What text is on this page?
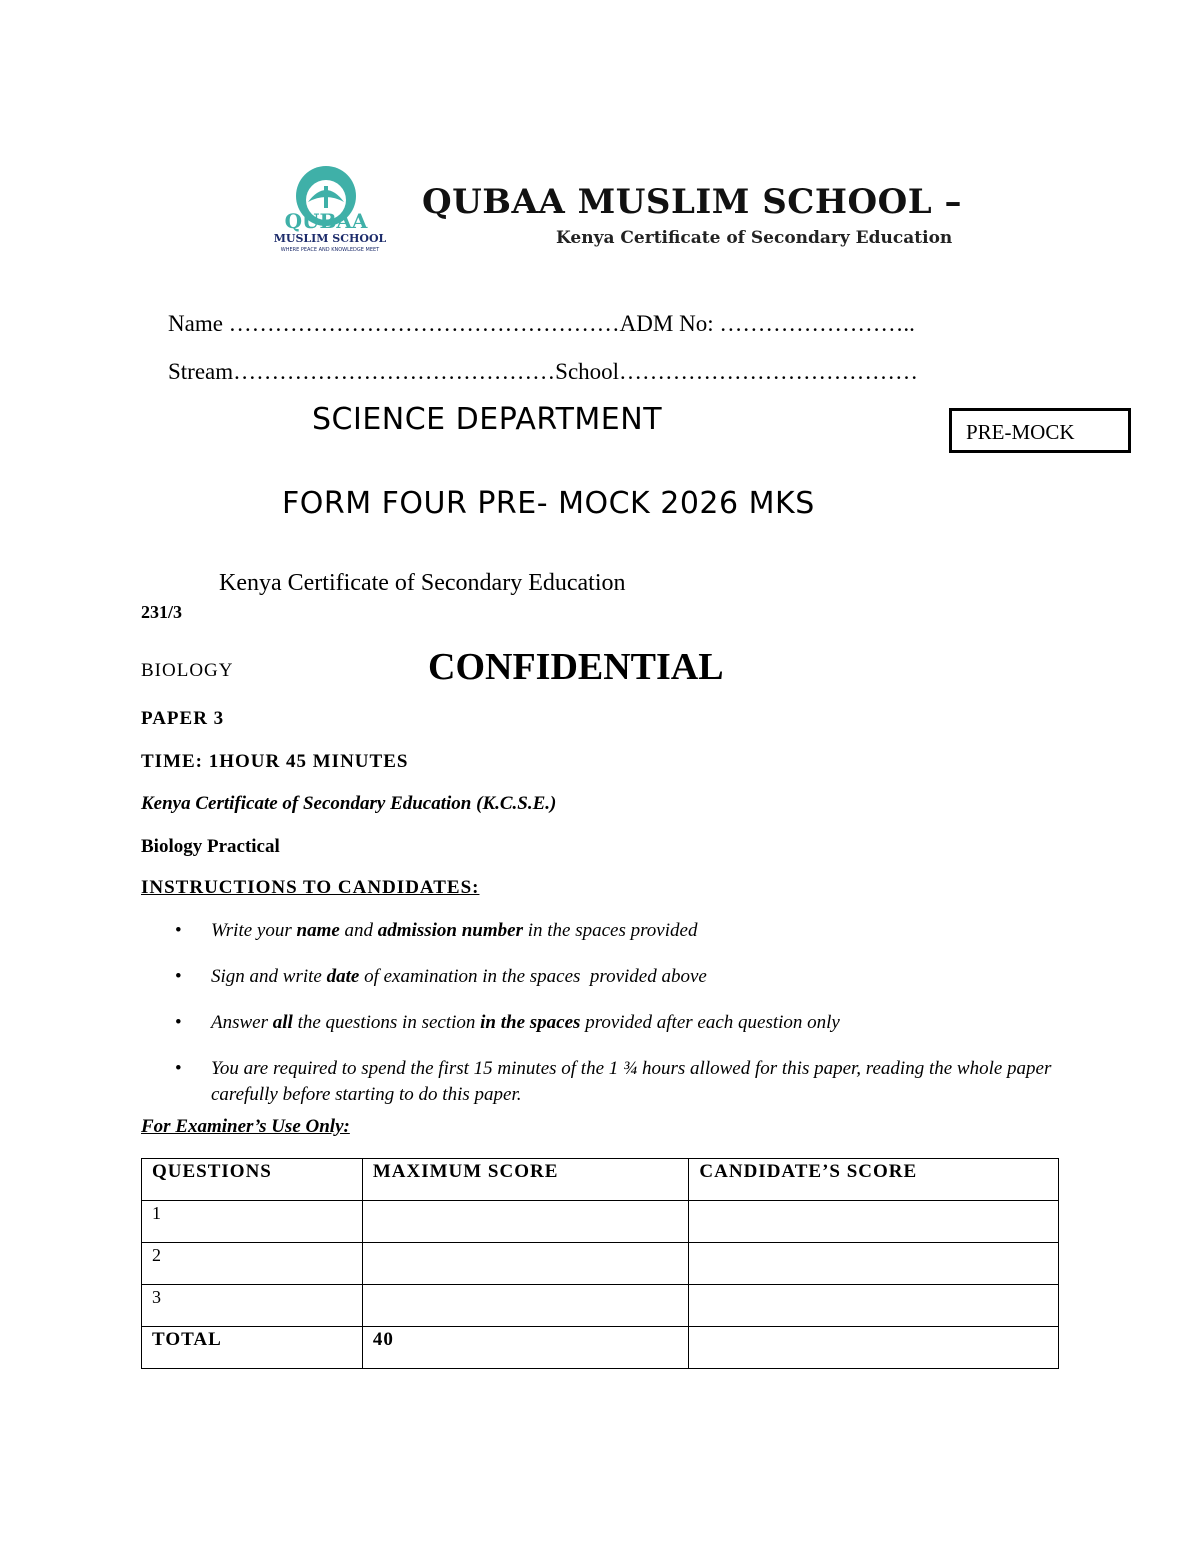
QUBAA
MUSLIM SCHOOL
WHERE PEACE AND KNOWLEDGE MEET
QUBAA MUSLIM SCHOOL –
Kenya Certificate of Secondary Education
Name ……………………………………………ADM No: ……………………..
Stream……………………………………School…………………………………
SCIENCE DEPARTMENT	PRE-MOCK
FORM FOUR PRE- MOCK 2026 MKS
Kenya Certificate of Secondary Education
231/3
BIOLOGY	CONFIDENTIAL
PAPER 3
TIME: 1HOUR 45 MINUTES
Kenya Certificate of Secondary Education (K.C.S.E.)
Biology Practical
INSTRUCTIONS TO CANDIDATES:
• Write your name and admission number in the spaces provided
• Sign and write date of examination in the spaces  provided above
• Answer all the questions in section in the spaces provided after each question only
• You are required to spend the first 15 minutes of the 1 ¾ hours allowed for this paper, reading the whole paper carefully before starting to do this paper.
For Examiner’s Use Only:
QUESTIONS	MAXIMUM SCORE	CANDIDATE’S SCORE
1		
2		
3		
TOTAL	40	
